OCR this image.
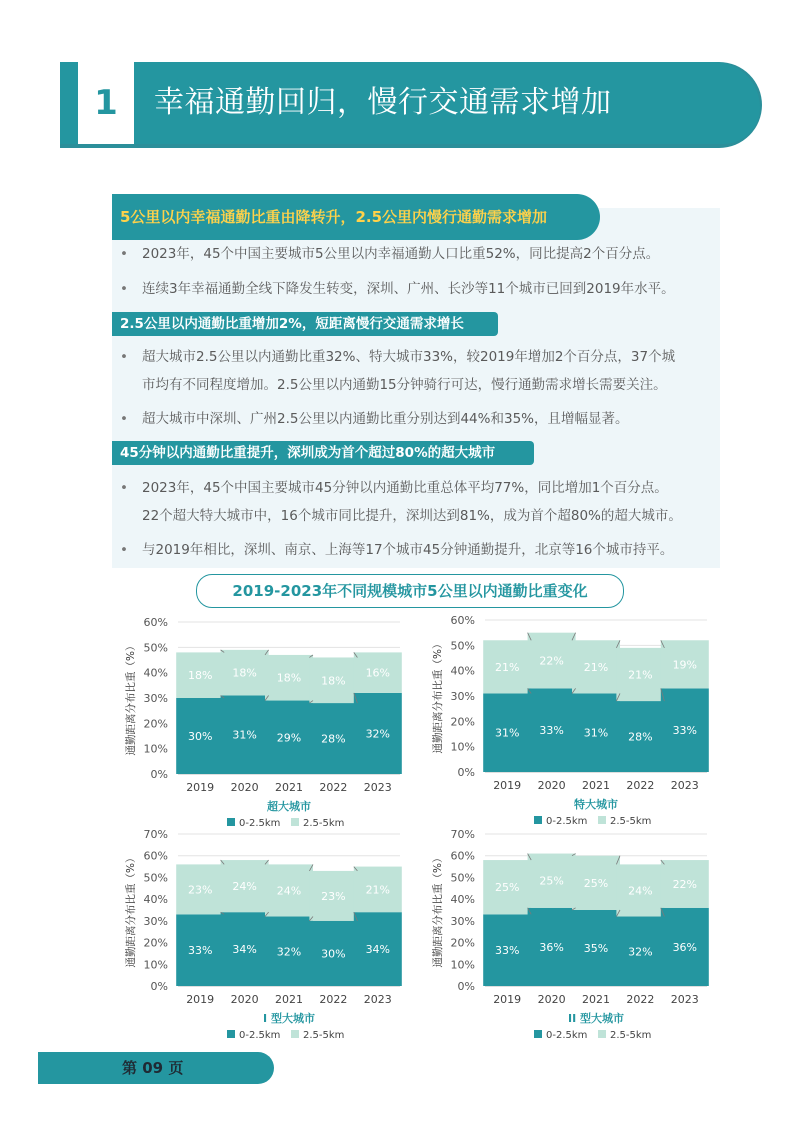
1	幸福通勤回归，慢行交通需求增加
5公里以内幸福通勤比重由降转升，2.5公里内慢行通勤需求增加
• 2023年，45个中国主要城市5公里以内幸福通勤人口比重52%，同比提高2个百分点。
• 连续3年幸福通勤全线下降发生转变，深圳、广州、长沙等11个城市已回到2019年水平。
2.5公里以内通勤比重增加2%，短距离慢行交通需求增长
• 超大城市2.5公里以内通勤比重32%、特大城市33%，较2019年增加2个百分点，37个城
市均有不同程度增加。2.5公里以内通勤15分钟骑行可达，慢行通勤需求增长需要关注。
• 超大城市中深圳、广州2.5公里以内通勤比重分别达到44%和35%，且增幅显著。
45分钟以内通勤比重提升，深圳成为首个超过80%的超大城市
• 2023年，45个中国主要城市45分钟以内通勤比重总体平均77%，同比增加1个百分点。
22个超大特大城市中，16个城市同比提升，深圳达到81%，成为首个超80%的超大城市。
• 与2019年相比，深圳、南京、上海等17个城市45分钟通勤提升，北京等16个城市持平。
2019-2023年不同规模城市5公里以内通勤比重变化
0%
10%
20%
30%
40%
50%
60%
通勤距离分布比重（%）	30%
18%
2019
31%
18%
2020
29%
18%
2021
28%
18%
2022
32%
16%
2023
超大城市
0-2.5km 2.5-5km
0%
10%
20%
30%
40%
50%
60%
通勤距离分布比重（%）	31%
21%
2019
33%
22%
2020
31%
21%
2021
28%
21%
2022
33%
19%
2023
特大城市
0-2.5km 2.5-5km
0%
10%
20%
30%
40%
50%
60%
70%
通勤距离分布比重（%）	33%
23%
2019
34%
24%
2020
32%
24%
2021
30%
23%
2022
34%
21%
2023
I 型大城市
0-2.5km 2.5-5km
0%
10%
20%
30%
40%
50%
60%
70%
通勤距离分布比重（%）	33%
25%
2019
36%
25%
2020
35%
25%
2021
32%
24%
2022
36%
22%
2023
II 型大城市
0-2.5km 2.5-5km
第 09 页
